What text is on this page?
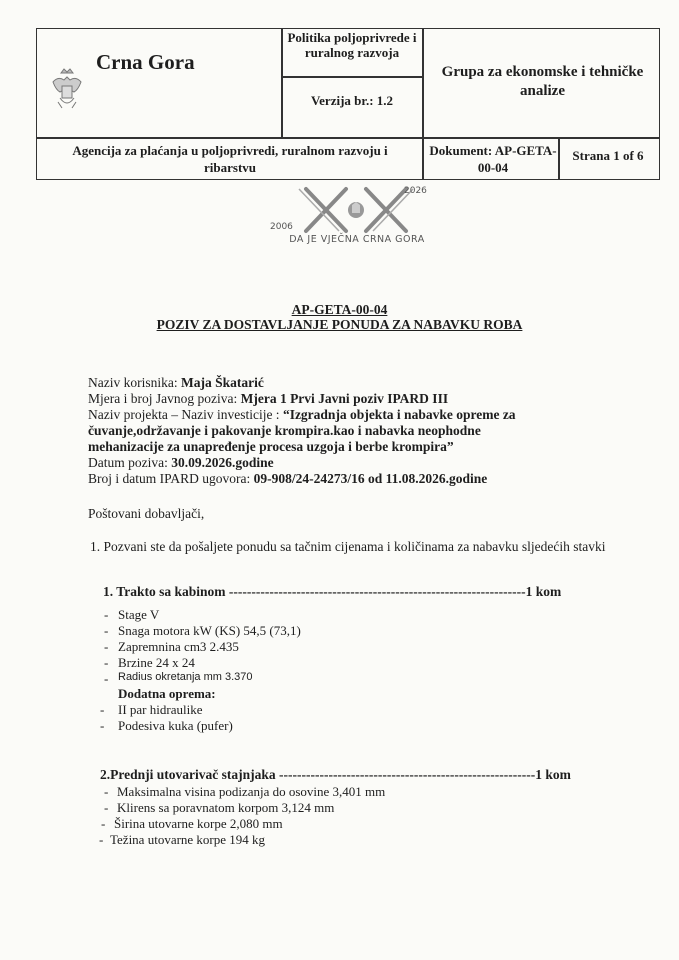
Crna Gora
Politika poljoprivrede i ruralnog razvoja
Verzija br.: 1.2
Grupa za ekonomske i tehničke analize
Agencija za plaćanja u poljoprivredi, ruralnom razvoju i ribarstvu
Dokument: AP-GETA-00-04
Strana 1 of 6
2006
2026
DA JE VJEČNA CRNA GORA
AP-GETA-00-04
POZIV ZA DOSTAVLJANJE PONUDA ZA NABAVKU ROBA
Naziv korisnika: Maja Škatarić
Mjera i broj Javnog poziva: Mjera 1 Prvi Javni poziv IPARD III
Naziv projekta – Naziv investicije : “Izgradnja objekta i nabavke opreme za
čuvanje,održavanje i pakovanje krompira.kao i nabavka neophodne
mehanizacije za unapređenje procesa uzgoja i berbe krompira”
Datum poziva: 30.09.2026.godine
Broj i datum IPARD ugovora: 09-908/24-24273/16 od 11.08.2026.godine
Poštovani dobavljači,
1. Pozvani ste da pošaljete ponudu sa tačnim cijenama i količinama za nabavku sljedećih stavki
1. Trakto sa kabinom ------------------------------------------------------------------1 kom
- Stage V
- Snaga motora kW (KS) 54,5 (73,1)
- Zapremnina cm3 2.435
- Brzine 24 x 24
- Radius okretanja mm 3.370
Dodatna oprema:
- II par hidraulike
- Podesiva kuka (pufer)
2.Prednji utovarivač stajnjaka ---------------------------------------------------------1 kom
- Maksimalna visina podizanja do osovine 3,401 mm
- Klirens sa poravnatom korpom 3,124 mm
- Širina utovarne korpe 2,080 mm
- Težina utovarne korpe 194 kg
